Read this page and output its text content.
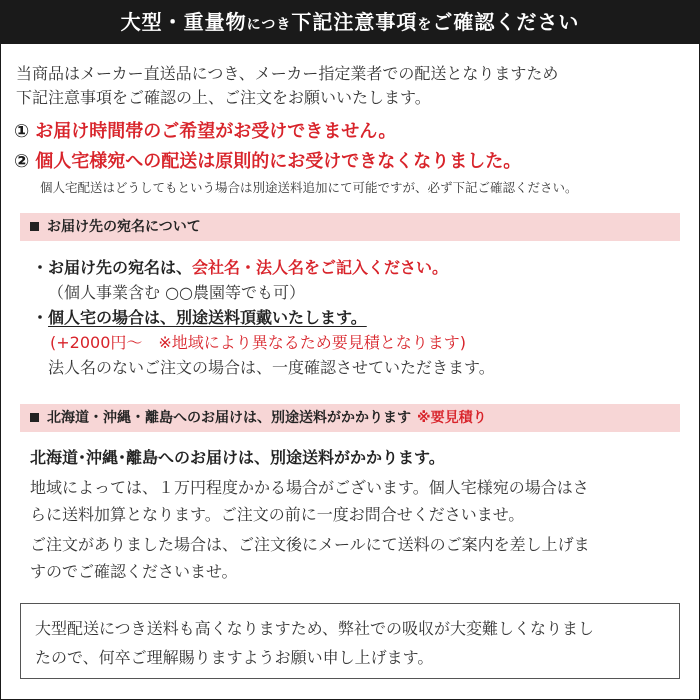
大型・重量物につき下記注意事項をご確認ください
当商品はメーカー直送品につき、メーカー指定業者での配送となりますため
下記注意事項をご確認の上、ご注文をお願いいたします。
① お届け時間帯のご希望がお受けできません。
② 個人宅様宛への配送は原則的にお受けできなくなりました。
個人宅配送はどうしてもという場合は別途送料追加にて可能ですが、必ず下記ご確認ください。
お届け先の宛名について
・お届け先の宛名は、会社名・法人名をご記入ください。
（個人事業含む ○○農園等でも可）
・個人宅の場合は、別途送料頂戴いたします。
(+2000円〜　※地域により異なるため要見積となります)
法人名のないご注文の場合は、一度確認させていただきます。
北海道・沖縄・離島へのお届けは、別途送料がかかります ※要見積り
北海道･沖縄･離島へのお届けは、別途送料がかかります。
地域によっては、１万円程度かかる場合がございます。個人宅様宛の場合はさ
らに送料加算となります。ご注文の前に一度お問合せくださいませ。
ご注文がありました場合は、ご注文後にメールにて送料のご案内を差し上げま
すのでご確認くださいませ。
大型配送につき送料も高くなりますため、弊社での吸収が大変難しくなりまし
たので、何卒ご理解賜りますようお願い申し上げます。
